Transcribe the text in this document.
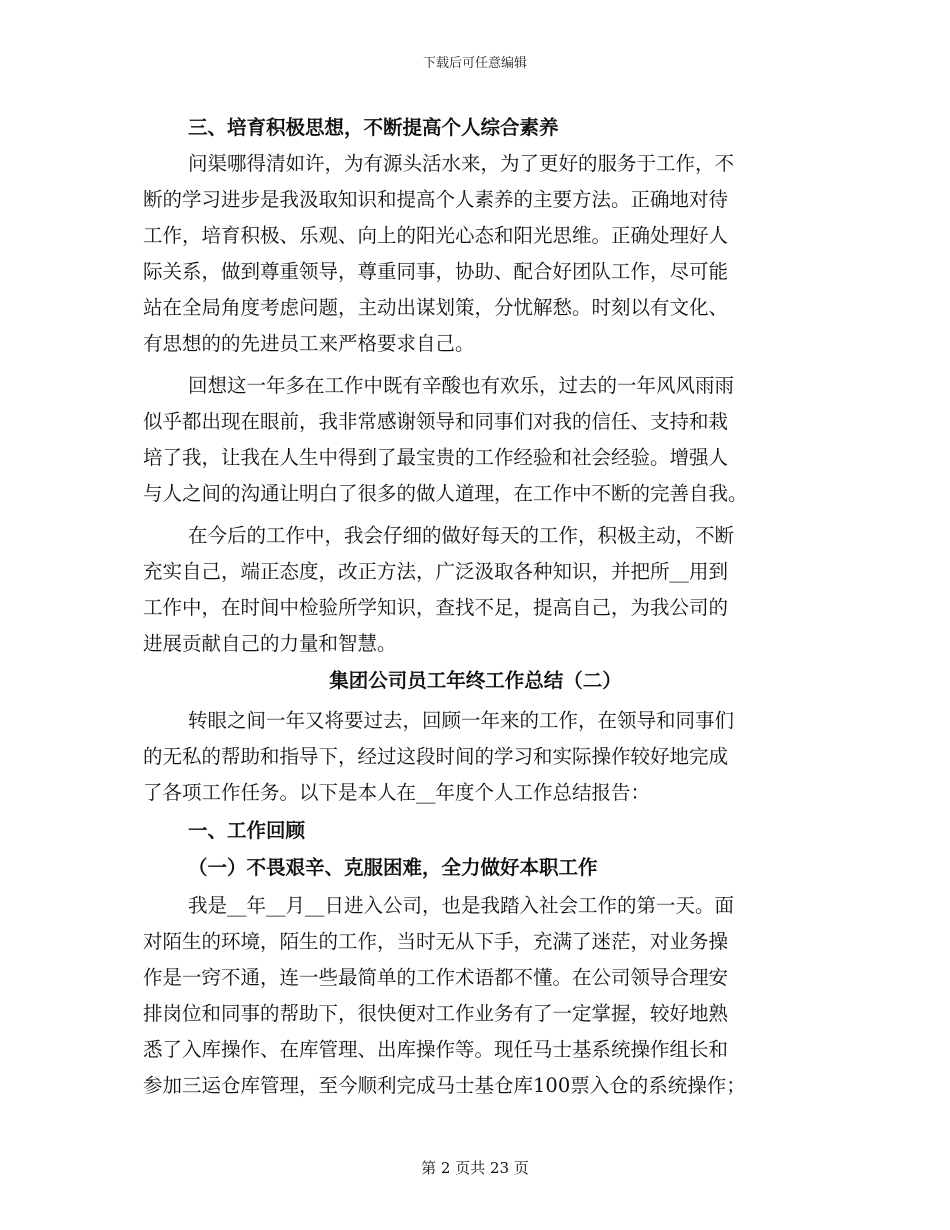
下载后可任意编辑
三、培育积极思想，不断提高个人综合素养
问渠哪得清如许，为有源头活水来，为了更好的服务于工作，不
断的学习进步是我汲取知识和提高个人素养的主要方法。正确地对待
工作，培育积极、乐观、向上的阳光心态和阳光思维。正确处理好人
际关系，做到尊重领导，尊重同事，协助、配合好团队工作，尽可能
站在全局角度考虑问题，主动出谋划策，分忧解愁。时刻以有文化、
有思想的的先进员工来严格要求自己。
回想这一年多在工作中既有辛酸也有欢乐，过去的一年风风雨雨
似乎都出现在眼前，我非常感谢领导和同事们对我的信任、支持和栽
培了我，让我在人生中得到了最宝贵的工作经验和社会经验。增强人
与人之间的沟通让明白了很多的做人道理，在工作中不断的完善自我。
在今后的工作中，我会仔细的做好每天的工作，积极主动，不断
充实自己，端正态度，改正方法，广泛汲取各种知识，并把所__用到
工作中，在时间中检验所学知识，查找不足，提高自己，为我公司的
进展贡献自己的力量和智慧。
集团公司员工年终工作总结（二）
转眼之间一年又将要过去，回顾一年来的工作，在领导和同事们
的无私的帮助和指导下，经过这段时间的学习和实际操作较好地完成
了各项工作任务。以下是本人在__年度个人工作总结报告：
一、工作回顾
（一）不畏艰辛、克服困难，全力做好本职工作
我是__年__月__日进入公司，也是我踏入社会工作的第一天。面
对陌生的环境，陌生的工作，当时无从下手，充满了迷茫，对业务操
作是一窍不通，连一些最简单的工作术语都不懂。在公司领导合理安
排岗位和同事的帮助下，很快便对工作业务有了一定掌握，较好地熟
悉了入库操作、在库管理、出库操作等。现任马士基系统操作组长和
参加三运仓库管理，至今顺利完成马士基仓库100票入仓的系统操作；
第 2 页共 23 页
